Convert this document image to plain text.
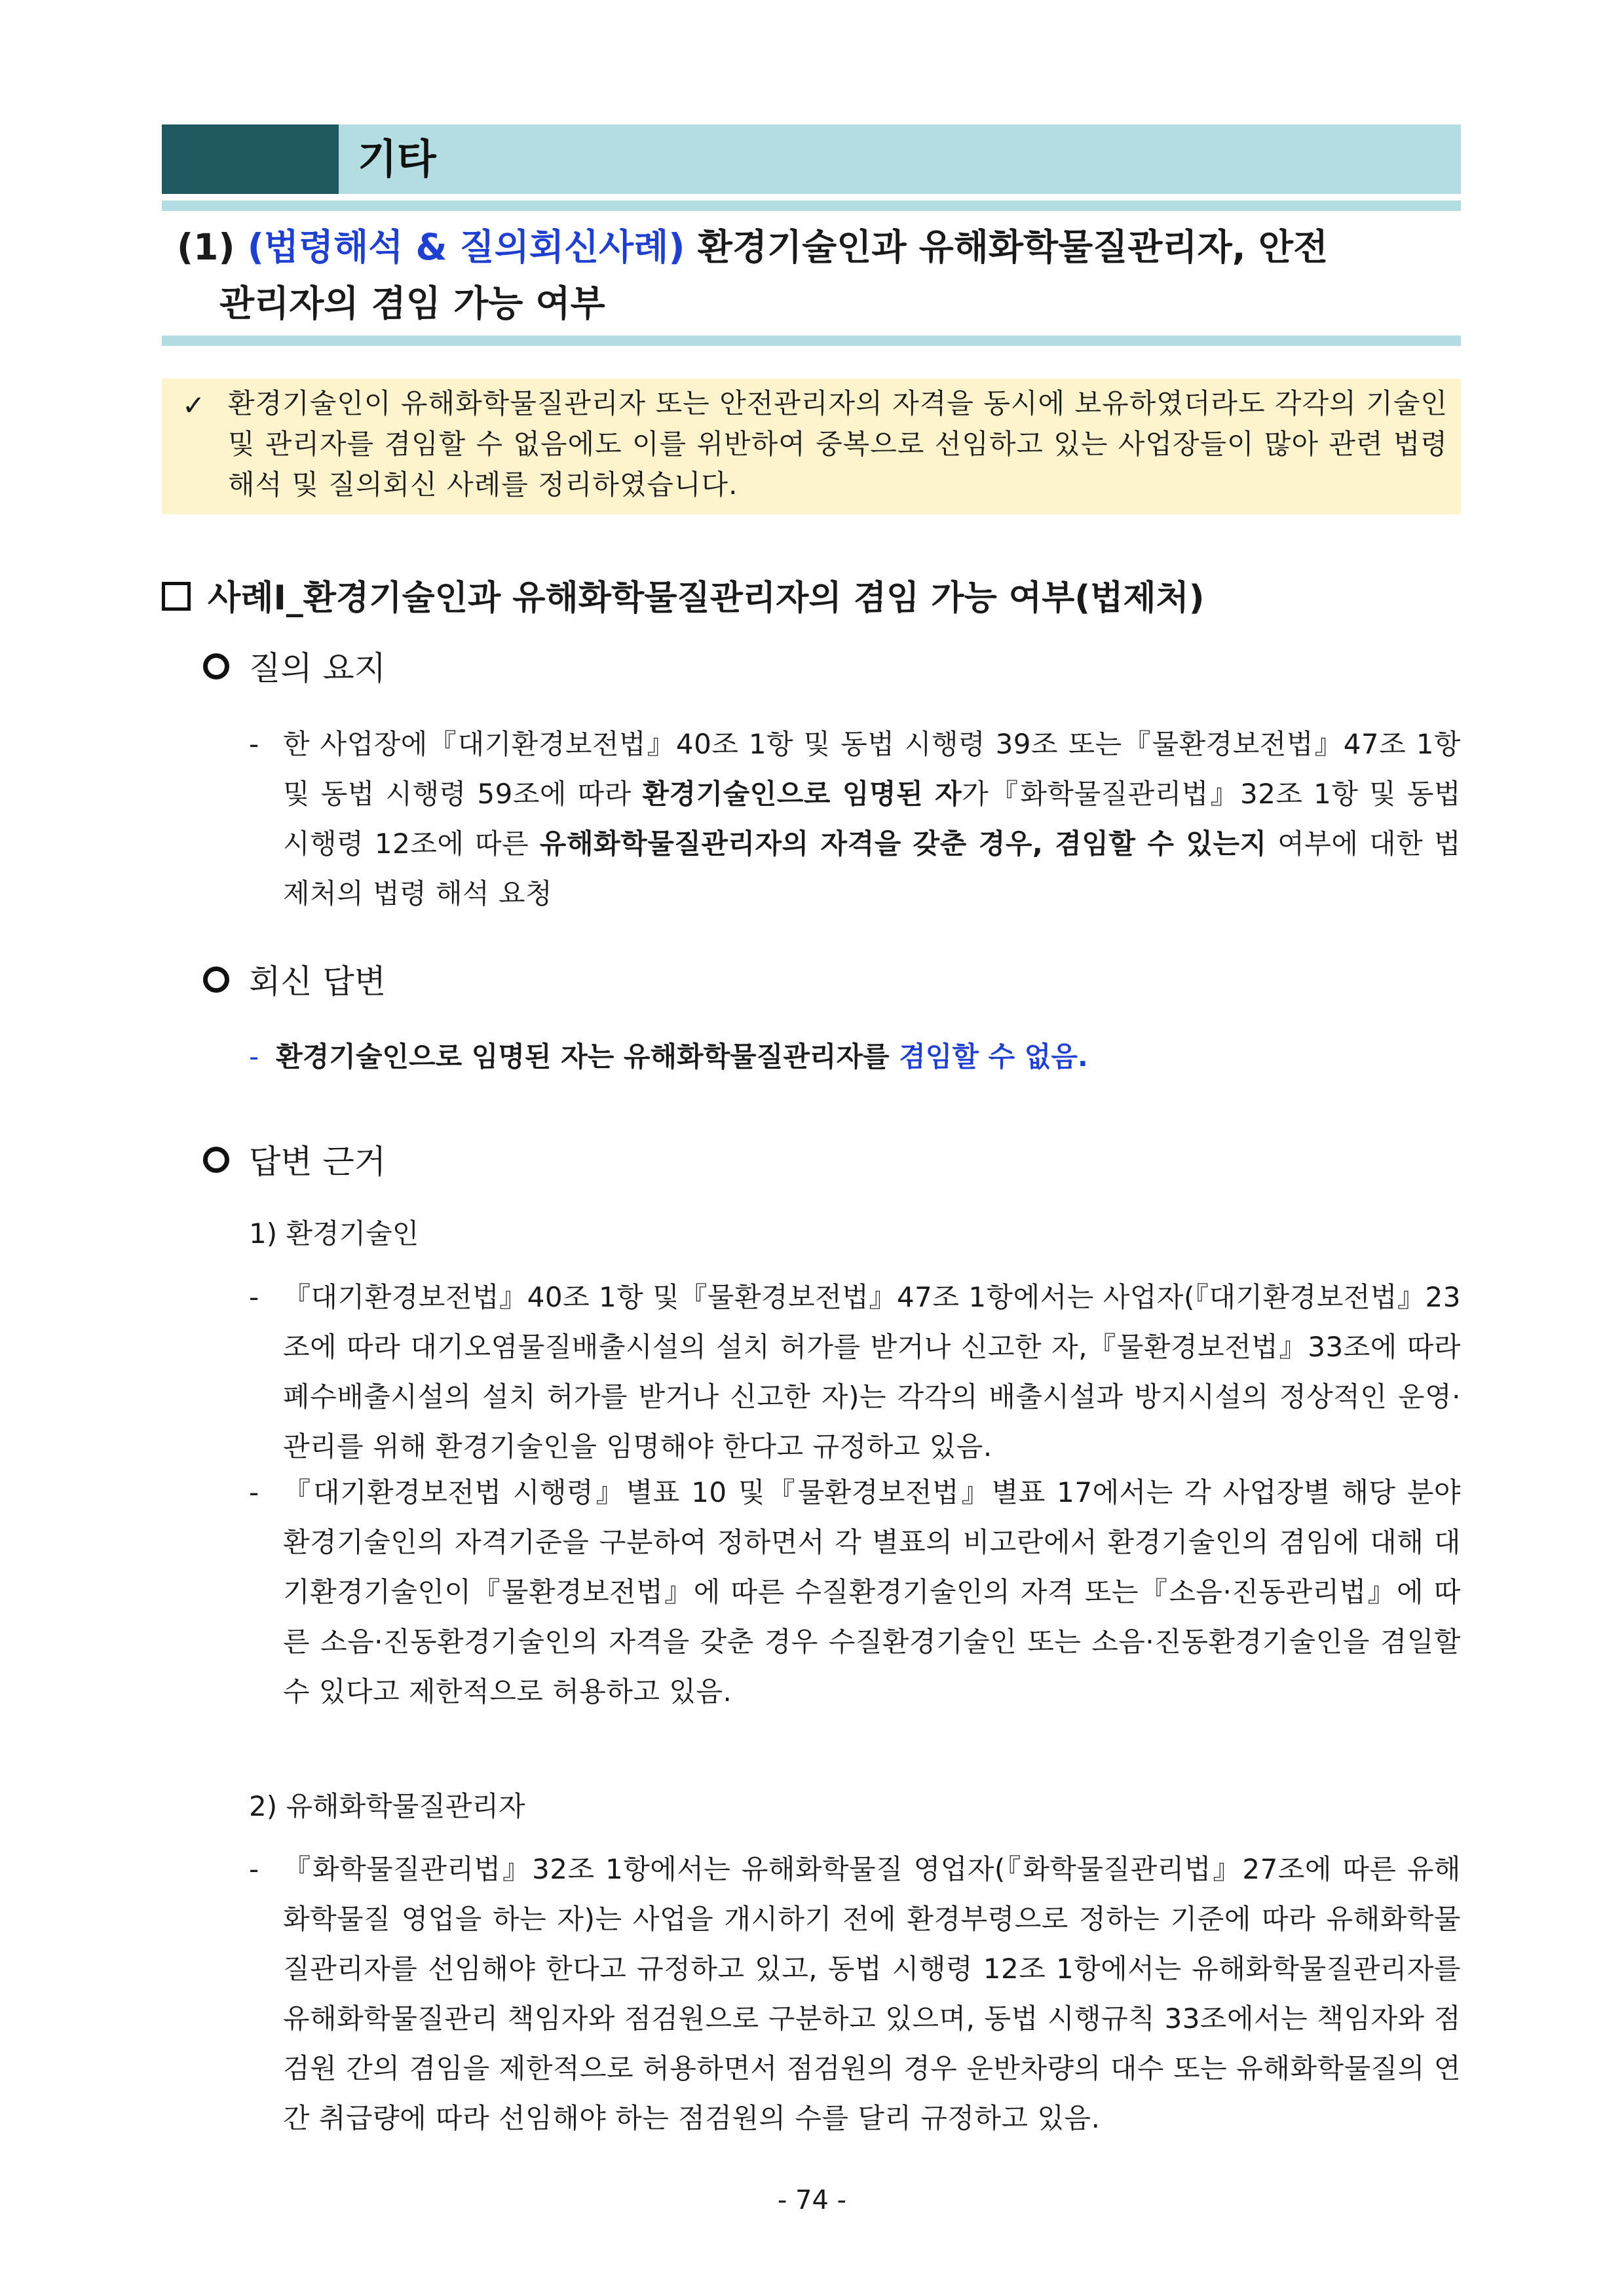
기타
(1) (법령해석 & 질의회신사례) 환경기술인과 유해화학물질관리자, 안전
관리자의 겸임 가능 여부
✓ 환경기술인이 유해화학물질관리자 또는 안전관리자의 자격을 동시에 보유하였더라도 각각의 기술인 및 관리자를 겸임할 수 없음에도 이를 위반하여 중복으로 선임하고 있는 사업장들이 많아 관련 법령해석 및 질의회신 사례를 정리하였습니다.
사례Ⅰ_환경기술인과 유해화학물질관리자의 겸임 가능 여부(법제처)
질의 요지
- 한 사업장에『대기환경보전법』40조 1항 및 동법 시행령 39조 또는『물환경보전법』47조 1항 및 동법 시행령 59조에 따라 환경기술인으로 임명된 자가『화학물질관리법』32조 1항 및 동법 시행령 12조에 따른 유해화학물질관리자의 자격을 갖춘 경우, 겸임할 수 있는지 여부에 대한 법제처의 법령 해석 요청
회신 답변
- 환경기술인으로 임명된 자는 유해화학물질관리자를 겸임할 수 없음.
답변 근거
1) 환경기술인
- 『대기환경보전법』40조 1항 및『물환경보전법』47조 1항에서는 사업자(『대기환경보전법』23조에 따라 대기오염물질배출시설의 설치 허가를 받거나 신고한 자,『물환경보전법』33조에 따라 폐수배출시설의 설치 허가를 받거나 신고한 자)는 각각의 배출시설과 방지시설의 정상적인 운영·관리를 위해 환경기술인을 임명해야 한다고 규정하고 있음.
- 『대기환경보전법 시행령』별표 10 및『물환경보전법』별표 17에서는 각 사업장별 해당 분야 환경기술인의 자격기준을 구분하여 정하면서 각 별표의 비고란에서 환경기술인의 겸임에 대해 대기환경기술인이『물환경보전법』에 따른 수질환경기술인의 자격 또는『소음·진동관리법』에 따른 소음·진동환경기술인의 자격을 갖춘 경우 수질환경기술인 또는 소음·진동환경기술인을 겸일할 수 있다고 제한적으로 허용하고 있음.
2) 유해화학물질관리자
- 『화학물질관리법』32조 1항에서는 유해화학물질 영업자(『화학물질관리법』27조에 따른 유해화학물질 영업을 하는 자)는 사업을 개시하기 전에 환경부령으로 정하는 기준에 따라 유해화학물질관리자를 선임해야 한다고 규정하고 있고, 동법 시행령 12조 1항에서는 유해화학물질관리자를 유해화학물질관리 책임자와 점검원으로 구분하고 있으며, 동법 시행규칙 33조에서는 책임자와 점검원 간의 겸임을 제한적으로 허용하면서 점검원의 경우 운반차량의 대수 또는 유해화학물질의 연간 취급량에 따라 선임해야 하는 점검원의 수를 달리 규정하고 있음.
- 74 -
